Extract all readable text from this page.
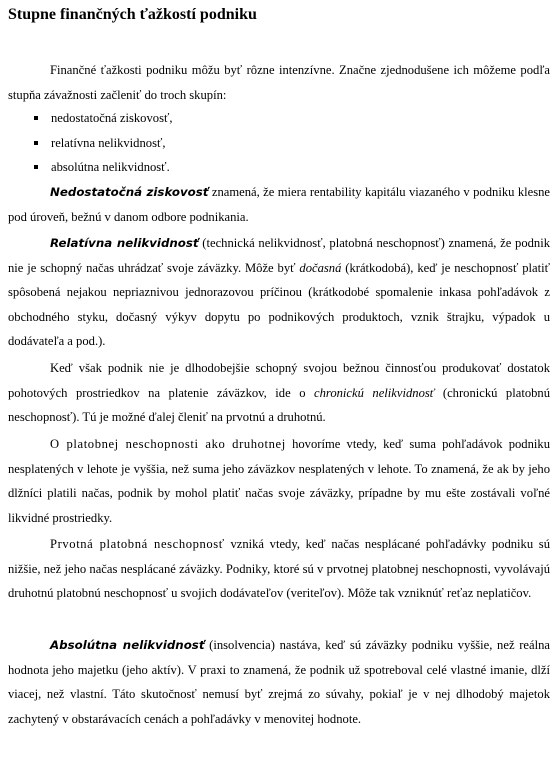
Stupne finančných ťažkostí podniku

Finančné ťažkosti podniku môžu byť rôzne intenzívne. Značne zjednodušene ich môžeme podľa stupňa závažnosti začleniť do troch skupín:

nedostatočná ziskovosť,
relatívna nelikvidnosť,
absolútna nelikvidnosť.

Nedostatočná ziskovosť znamená, že miera rentability kapitálu viazaného v podniku klesne pod úroveň, bežnú v danom odbore podnikania.

Relatívna nelikvidnosť (technická nelikvidnosť, platobná neschopnosť) znamená, že podnik nie je schopný načas uhrádzať svoje záväzky. Môže byť dočasná (krátkodobá), keď je neschopnosť platiť spôsobená nejakou nepriaznivou jednorazovou príčinou (krátkodobé spomalenie inkasa pohľadávok z obchodného styku, dočasný výkyv dopytu po podnikových produktoch, vznik štrajku, výpadok u dodávateľa a pod.).

Keď však podnik nie je dlhodobejšie schopný svojou bežnou činnosťou produkovať dostatok pohotových prostriedkov na platenie záväzkov, ide o chronickú nelikvidnosť (chronickú platobnú neschopnosť). Tú je možné ďalej členiť na prvotnú a druhotnú.

O platobnej neschopnosti ako druhotnej hovoríme vtedy, keď suma pohľadávok podniku nesplatených v lehote je vyššia, než suma jeho záväzkov nesplatených v lehote. To znamená, že ak by jeho dlžníci platili načas, podnik by mohol platiť načas svoje záväzky, prípadne by mu ešte zostávali voľné likvidné prostriedky.

Prvotná platobná neschopnosť vzniká vtedy, keď načas nesplácané pohľadávky podniku sú nižšie, než jeho načas nesplácané záväzky. Podniky, ktoré sú v prvotnej platobnej neschopnosti, vyvolávajú druhotnú platobnú neschopnosť u svojich dodávateľov (veriteľov). Môže tak vzniknúť reťaz neplatičov.

Absolútna nelikvidnosť (insolvencia) nastáva, keď sú záväzky podniku vyššie, než reálna hodnota jeho majetku (jeho aktív). V praxi to znamená, že podnik už spotreboval celé vlastné imanie, dlží viacej, než vlastní. Táto skutočnosť nemusí byť zrejmá zo súvahy, pokiaľ je v nej dlhodobý majetok zachytený v obstarávacích cenách a pohľadávky v menovitej hodnote.
